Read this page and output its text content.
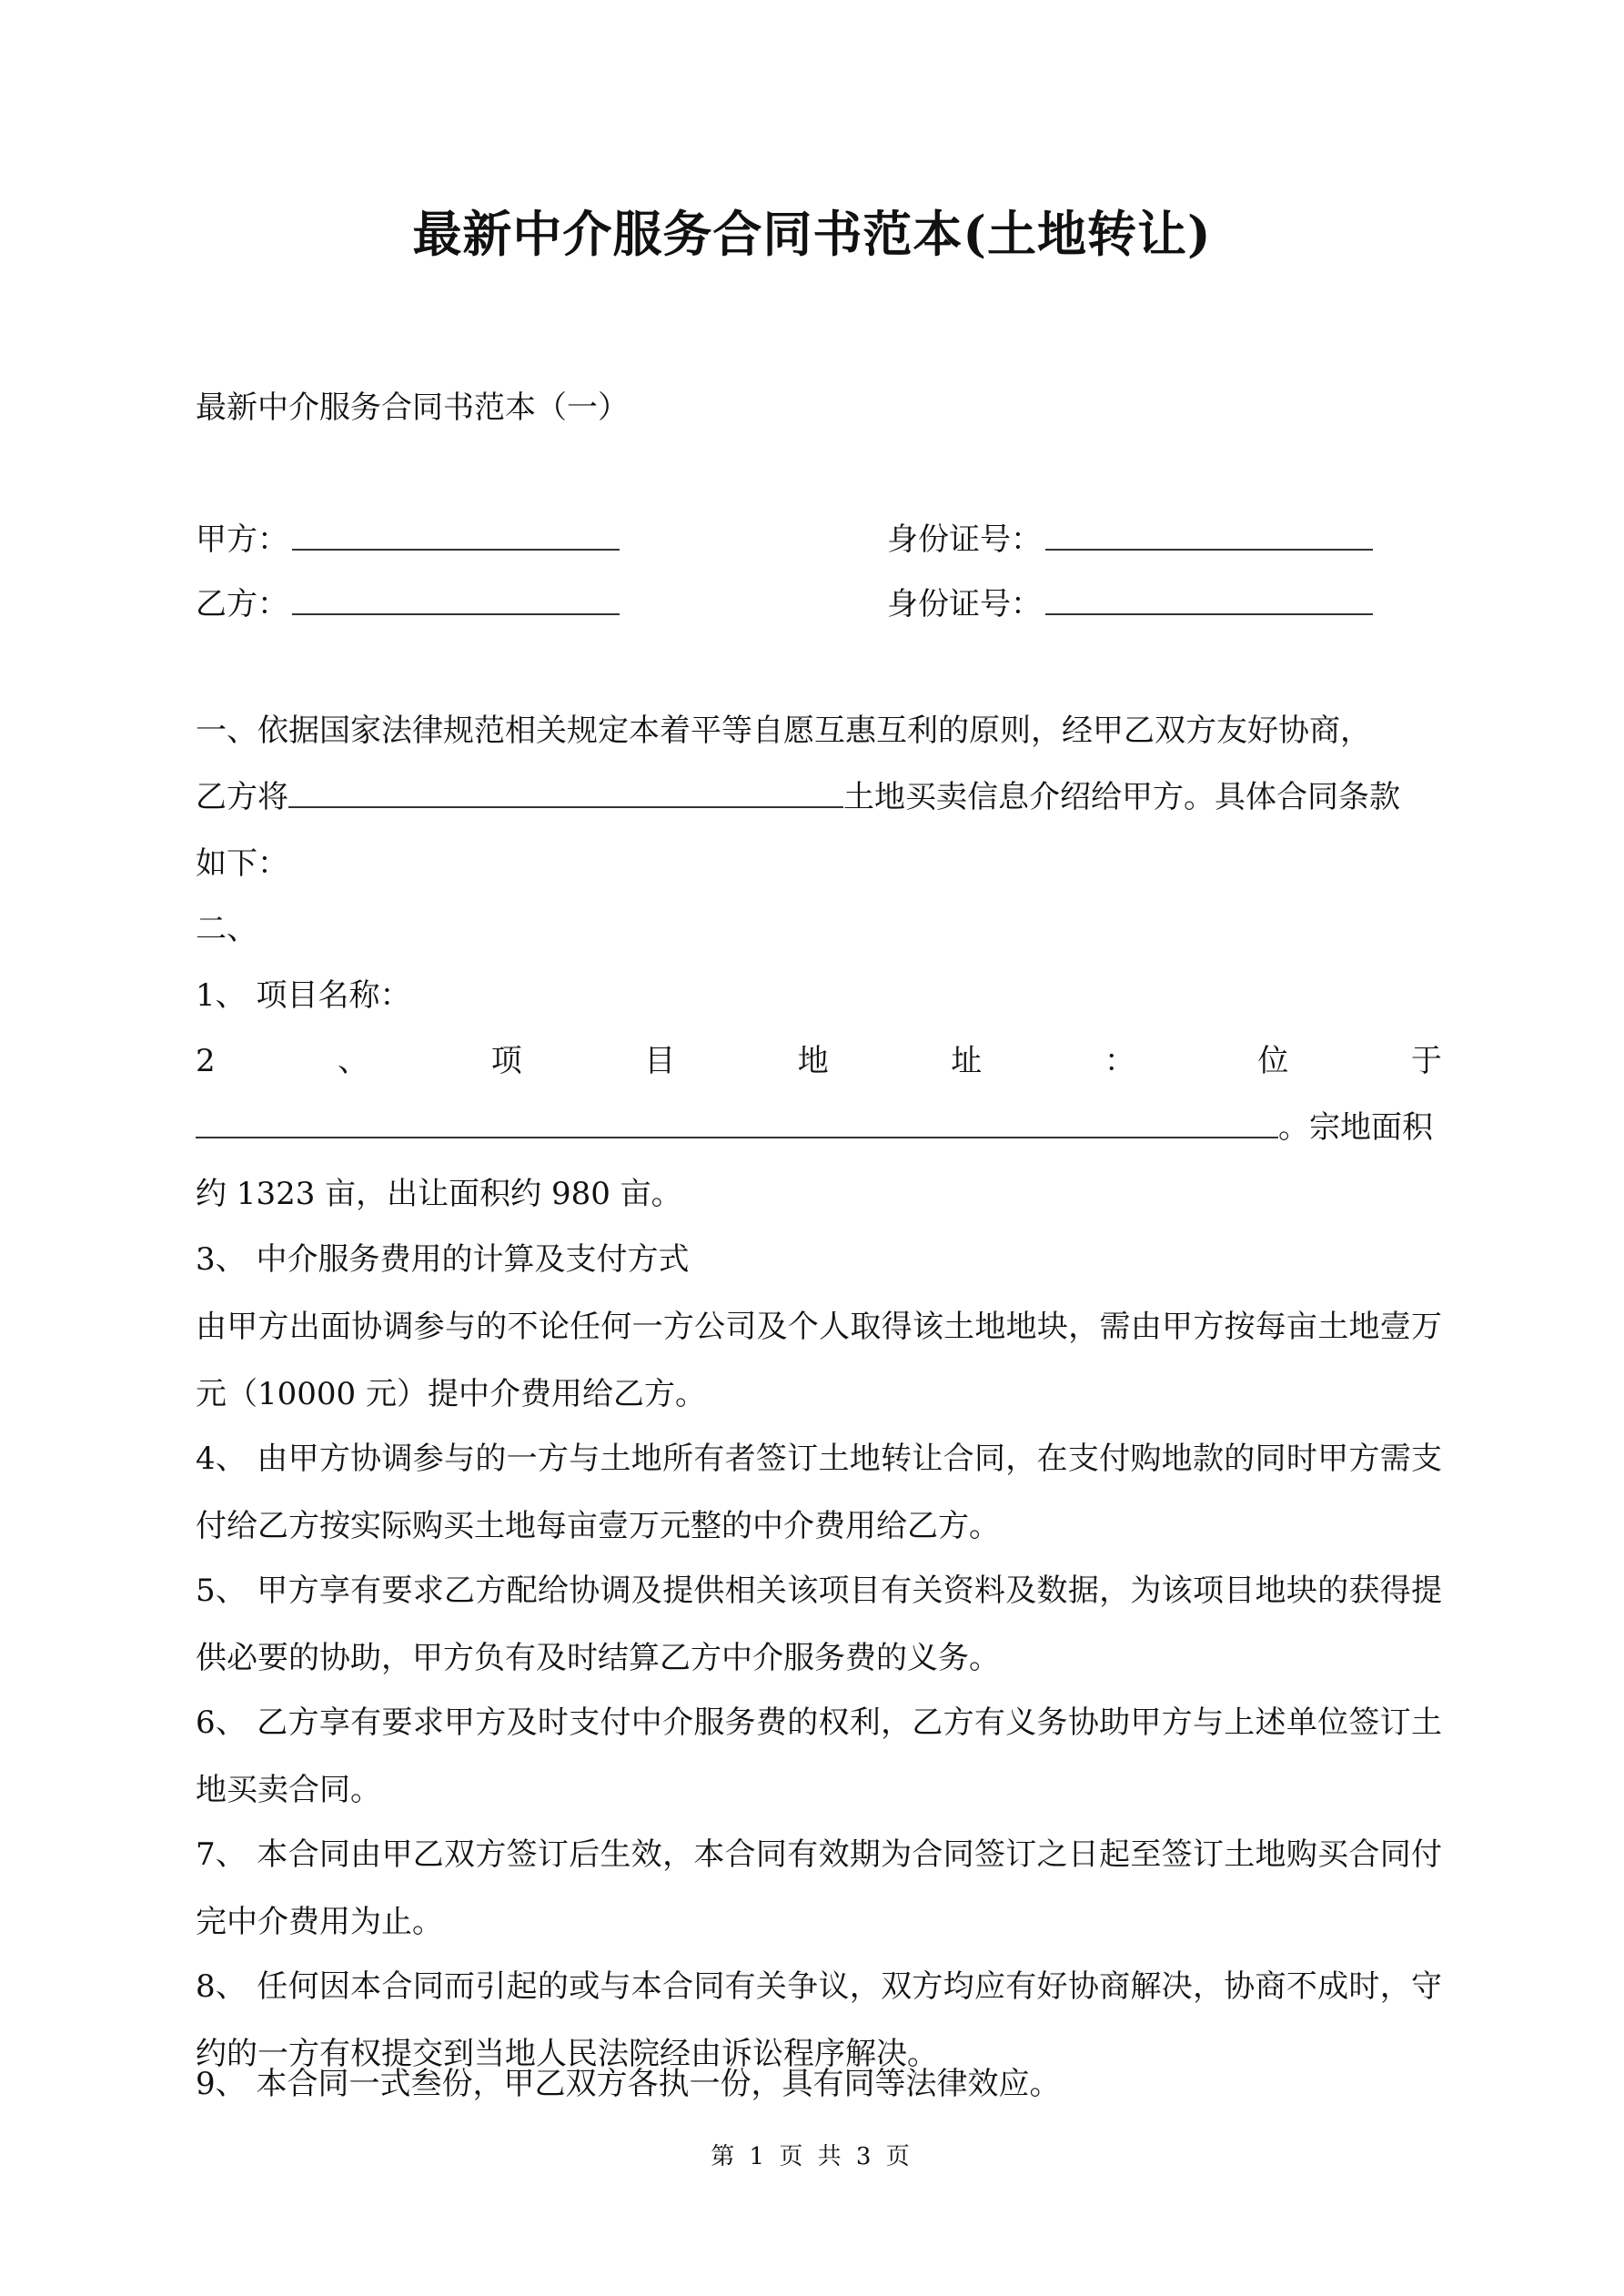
最新中介服务合同书范本(土地转让)
最新中介服务合同书范本（一）
甲方：	身份证号：
乙方：	身份证号：
一、依据国家法律规范相关规定本着平等自愿互惠互利的原则，经甲乙双方友好协商，
乙方将	土地买卖信息介绍给甲方。具体合同条款
如下：
二、
1、 项目名称：
2	、	项	目	地	址	：	位	于
。宗地面积
约 1323 亩，出让面积约 980 亩。
3、 中介服务费用的计算及支付方式
由甲方出面协调参与的不论任何一方公司及个人取得该土地地块，需由甲方按每亩土地壹万元（10000 元）提中介费用给乙方。
4、 由甲方协调参与的一方与土地所有者签订土地转让合同，在支付购地款的同时甲方需支付给乙方按实际购买土地每亩壹万元整的中介费用给乙方。
5、 甲方享有要求乙方配给协调及提供相关该项目有关资料及数据，为该项目地块的获得提供必要的协助，甲方负有及时结算乙方中介服务费的义务。
6、 乙方享有要求甲方及时支付中介服务费的权利，乙方有义务协助甲方与上述单位签订土地买卖合同。
7、 本合同由甲乙双方签订后生效，本合同有效期为合同签订之日起至签订土地购买合同付完中介费用为止。
8、 任何因本合同而引起的或与本合同有关争议，双方均应有好协商解决，协商不成时，守约的一方有权提交到当地人民法院经由诉讼程序解决。
9、 本合同一式叁份，甲乙双方各执一份，具有同等法律效应。
第 1 页 共 3 页
